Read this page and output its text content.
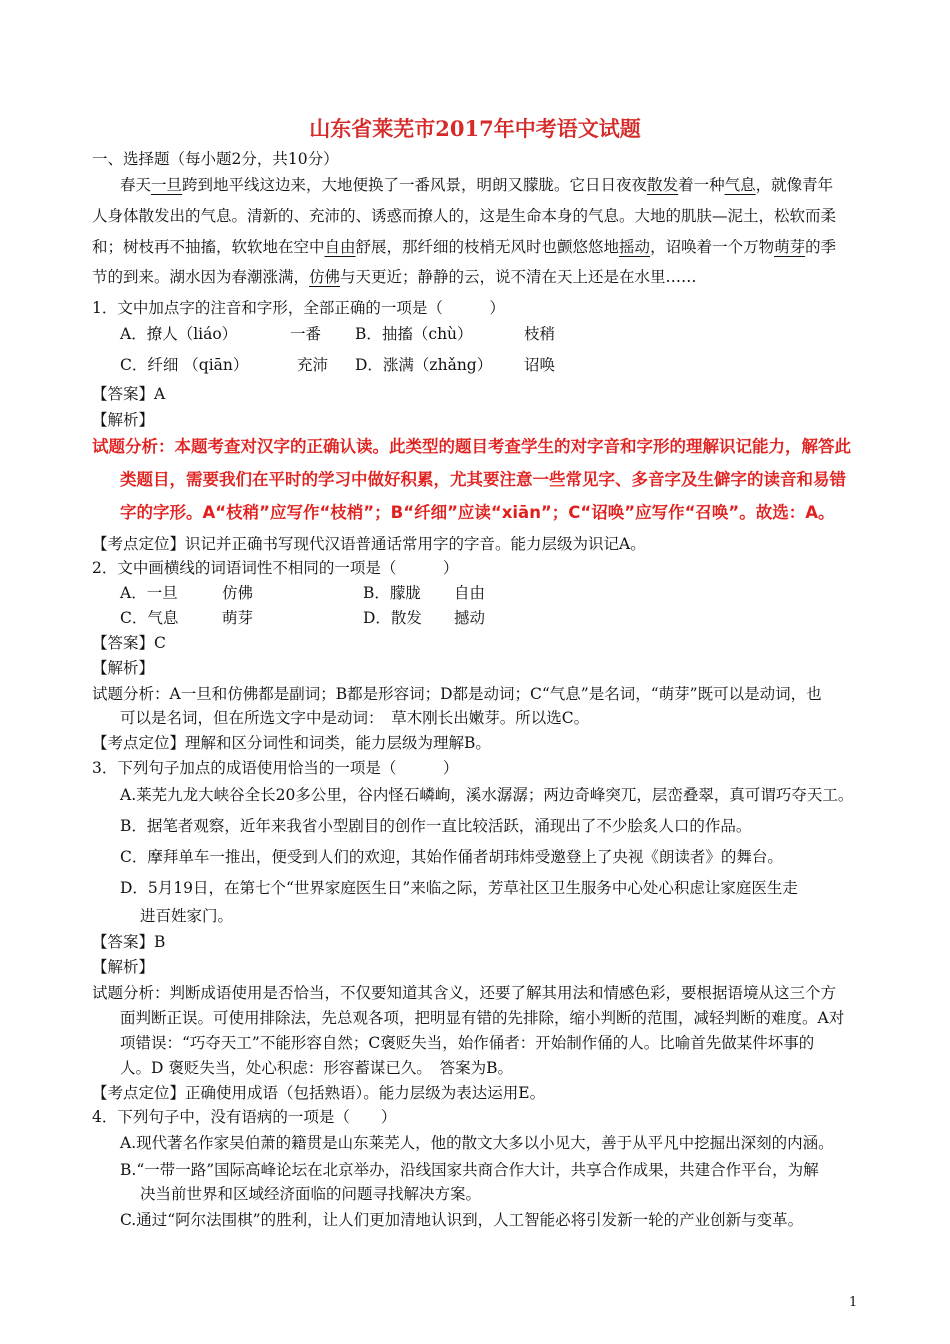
山东省莱芜市2017年中考语文试题
一、选择题（每小题2分，共10分）
春天一旦跨到地平线这边来，大地便换了一番风景，明朗又朦胧。它日日夜夜散发着一种气息，就像青年
人身体散发出的气息。清新的、充沛的、诱惑而撩人的，这是生命本身的气息。大地的肌肤—泥土，松软而柔
和；树枝再不抽搐，软软地在空中自由舒展，那纤细的枝梢无风时也颤悠悠地摇动，诏唤着一个万物萌芽的季
节的到来。湖水因为春潮涨满，仿佛与天更近；静静的云，说不清在天上还是在水里……
1．文中加点字的注音和字形，全部正确的一项是（　　　）
A．撩人（liáo）	一番 B．抽搐（chù）	枝稍
C．纤细 （qiān）	充沛 D．涨满（zhǎng） 诏唤
【答案】A
【解析】
试题分析：本题考查对汉字的正确认读。此类型的题目考查学生的对字音和字形的理解识记能力，解答此
类题目，需要我们在平时的学习中做好积累，尤其要注意一些常见字、多音字及生僻字的读音和易错
字的字形。A“枝稍”应写作“枝梢”；B“纤细”应读“xiān”；C“诏唤”应写作“召唤”。故选：A。
【考点定位】识记并正确书写现代汉语普通话常用字的字音。能力层级为识记A。
2．文中画横线的词语词性不相同的一项是（　　　）
A．一旦	仿佛	B．朦胧 自由
C．气息	萌芽	D．散发 撼动
【答案】C
【解析】
试题分析：A一旦和仿佛都是副词；B都是形容词；D都是动词；C“气息”是名词，“萌芽”既可以是动词，也
可以是名词，但在所选文字中是动词：　草木刚长出嫩芽。所以选C。
【考点定位】理解和区分词性和词类，能力层级为理解B。
3．下列句子加点的成语使用恰当的一项是（　　　）
A.莱芜九龙大峡谷全长20多公里，谷内怪石嶙峋，溪水潺潺；两边奇峰突兀，层峦叠翠，真可谓巧夺天工。
B．据笔者观察，近年来我省小型剧目的创作一直比较活跃，涌现出了不少脍炙人口的作品。
C．摩拜单车一推出，便受到人们的欢迎，其始作俑者胡玮炜受邀登上了央视《朗读者》的舞台。
D．5月19日，在第七个“世界家庭医生日”来临之际，芳草社区卫生服务中心处心积虑让家庭医生走
进百姓家门。
【答案】B
【解析】
试题分析：判断成语使用是否恰当，不仅要知道其含义，还要了解其用法和情感色彩，要根据语境从这三个方
面判断正误。可使用排除法，先总观各项，把明显有错的先排除，缩小判断的范围，减轻判断的难度。A对
项错误：“巧夺天工”不能形容自然；C褒贬失当，始作俑者：开始制作俑的人。比喻首先做某件坏事的
人。D 褒贬失当，处心积虑：形容蓄谋已久。　答案为B。
【考点定位】正确使用成语（包括熟语）。能力层级为表达运用E。
4．下列句子中，没有语病的一项是（　　）
A.现代著名作家吴伯萧的籍贯是山东莱芜人，他的散文大多以小见大，善于从平凡中挖掘出深刻的内涵。
B.“一带一路”国际高峰论坛在北京举办，沿线国家共商合作大计，共享合作成果，共建合作平台，为解
决当前世界和区域经济面临的问题寻找解决方案。
C.通过“阿尔法围棋”的胜利，让人们更加清地认识到，人工智能必将引发新一轮的产业创新与变革。
1
